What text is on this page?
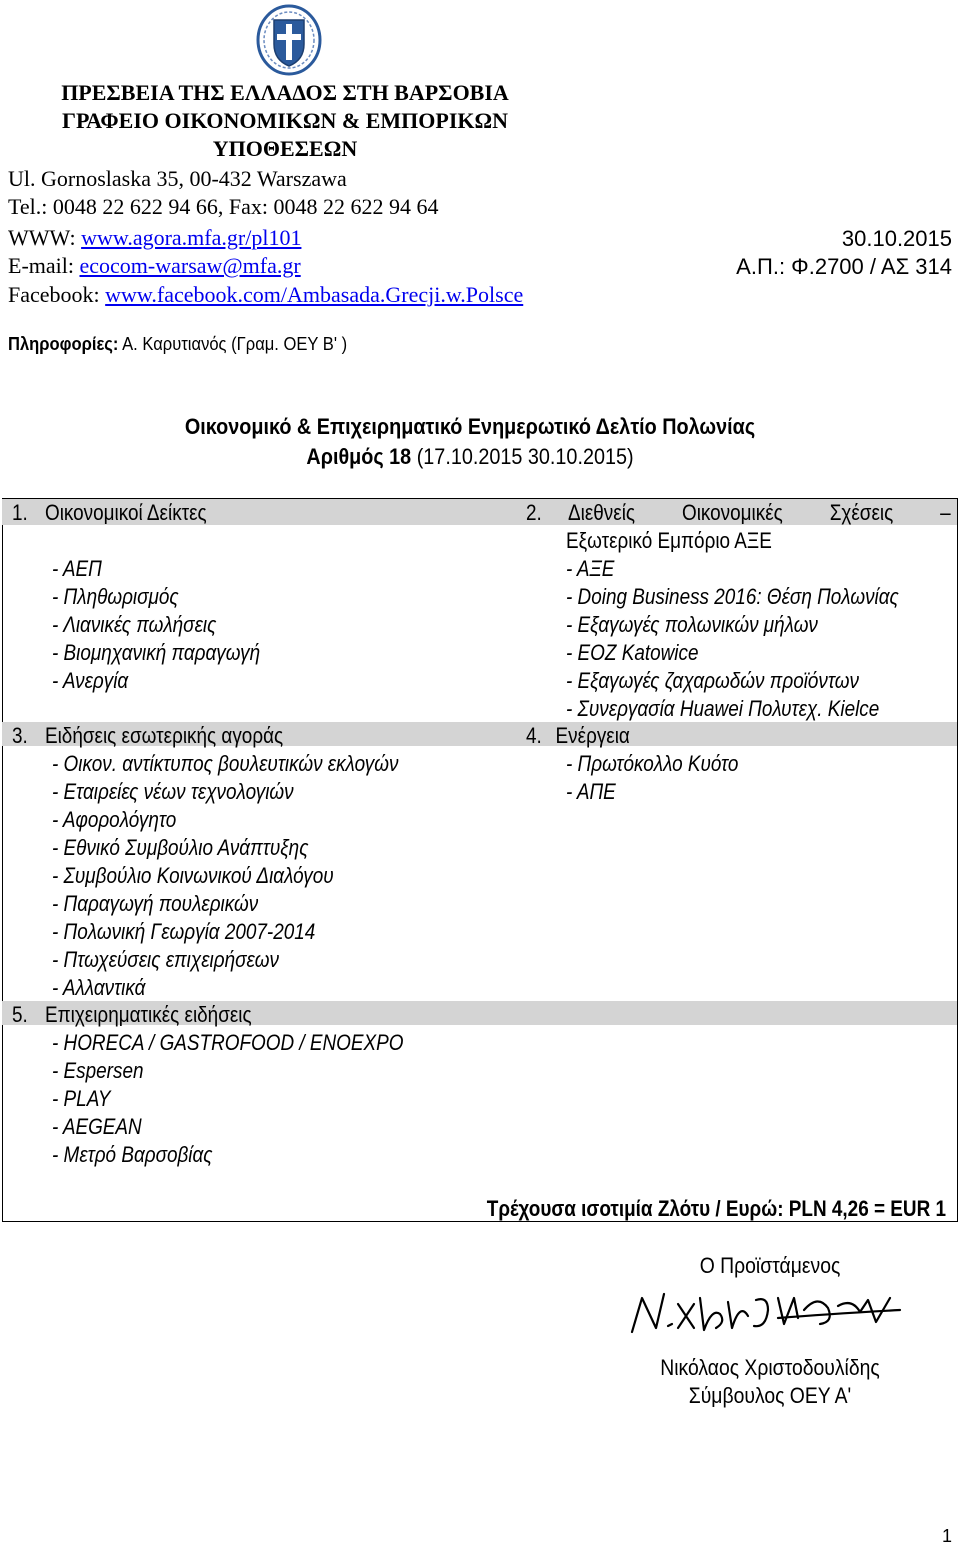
ΠΡΕΣΒΕΙΑ ΤΗΣ ΕΛΛΑΔΟΣ ΣΤΗ ΒΑΡΣΟΒΙΑ
ΓΡΑΦΕΙΟ ΟΙΚΟΝΟΜΙΚΩΝ & ΕΜΠΟΡΙΚΩΝ
ΥΠΟΘΕΣΕΩΝ
Ul. Gornoslaska 35, 00-432 Warszawa
Tel.: 0048 22 622 94 66, Fax: 0048 22 622 94 64
WWW: www.agora.mfa.gr/pl101
E-mail: ecocom-warsaw@mfa.gr
Facebook: www.facebook.com/Ambasada.Grecji.w.Polsce
30.10.2015
Α.Π.: Φ.2700 / ΑΣ 314
Πληροφορίες: Α. Καρυτιανός (Γραμ. ΟΕΥ Β' )
Οικονομικό & Επιχειρηματικό Ενημερωτικό Δελτίο Πολωνίας
Αριθμός 18 (17.10.2015 30.10.2015)
1. Οικονομικοί Δείκτες
- ΑΕΠ
- Πληθωρισμός
- Λιανικές πωλήσεις
- Βιομηχανική παραγωγή
- Ανεργία
2. Διεθνείς Οικονομικές Σχέσεις –
Εξωτερικό Εμπόριο ΑΞΕ
- ΑΞΕ
- Doing Business 2016: Θέση Πολωνίας
- Εξαγωγές πολωνικών μήλων
- ΕΟΖ Katowice
- Εξαγωγές ζαχαρωδών προϊόντων
- Συνεργασία Huawei Πολυτεχ. Kielce
3. Ειδήσεις εσωτερικής αγοράς
- Οικον. αντίκτυπος βουλευτικών εκλογών
- Εταιρείες νέων τεχνολογιών
- Αφορολόγητο
- Εθνικό Συμβούλιο Ανάπτυξης
- Συμβούλιο Κοινωνικού Διαλόγου
- Παραγωγή πουλερικών
- Πολωνική Γεωργία 2007-2014
- Πτωχεύσεις επιχειρήσεων
- Αλλαντικά
4. Ενέργεια
- Πρωτόκολλο Κυότο
- ΑΠΕ
5. Επιχειρηματικές ειδήσεις
- HORECA / GASTROFOOD / ENOEXPO
- Espersen
- PLAY
- AEGEAN
- Μετρό Βαρσοβίας
Τρέχουσα ισοτιμία Ζλότυ / Ευρώ: PLN 4,26 = EUR 1
Ο Προϊστάμενος
Νικόλαος Χριστοδουλίδης
Σύμβουλος ΟΕΥ Α'
1
